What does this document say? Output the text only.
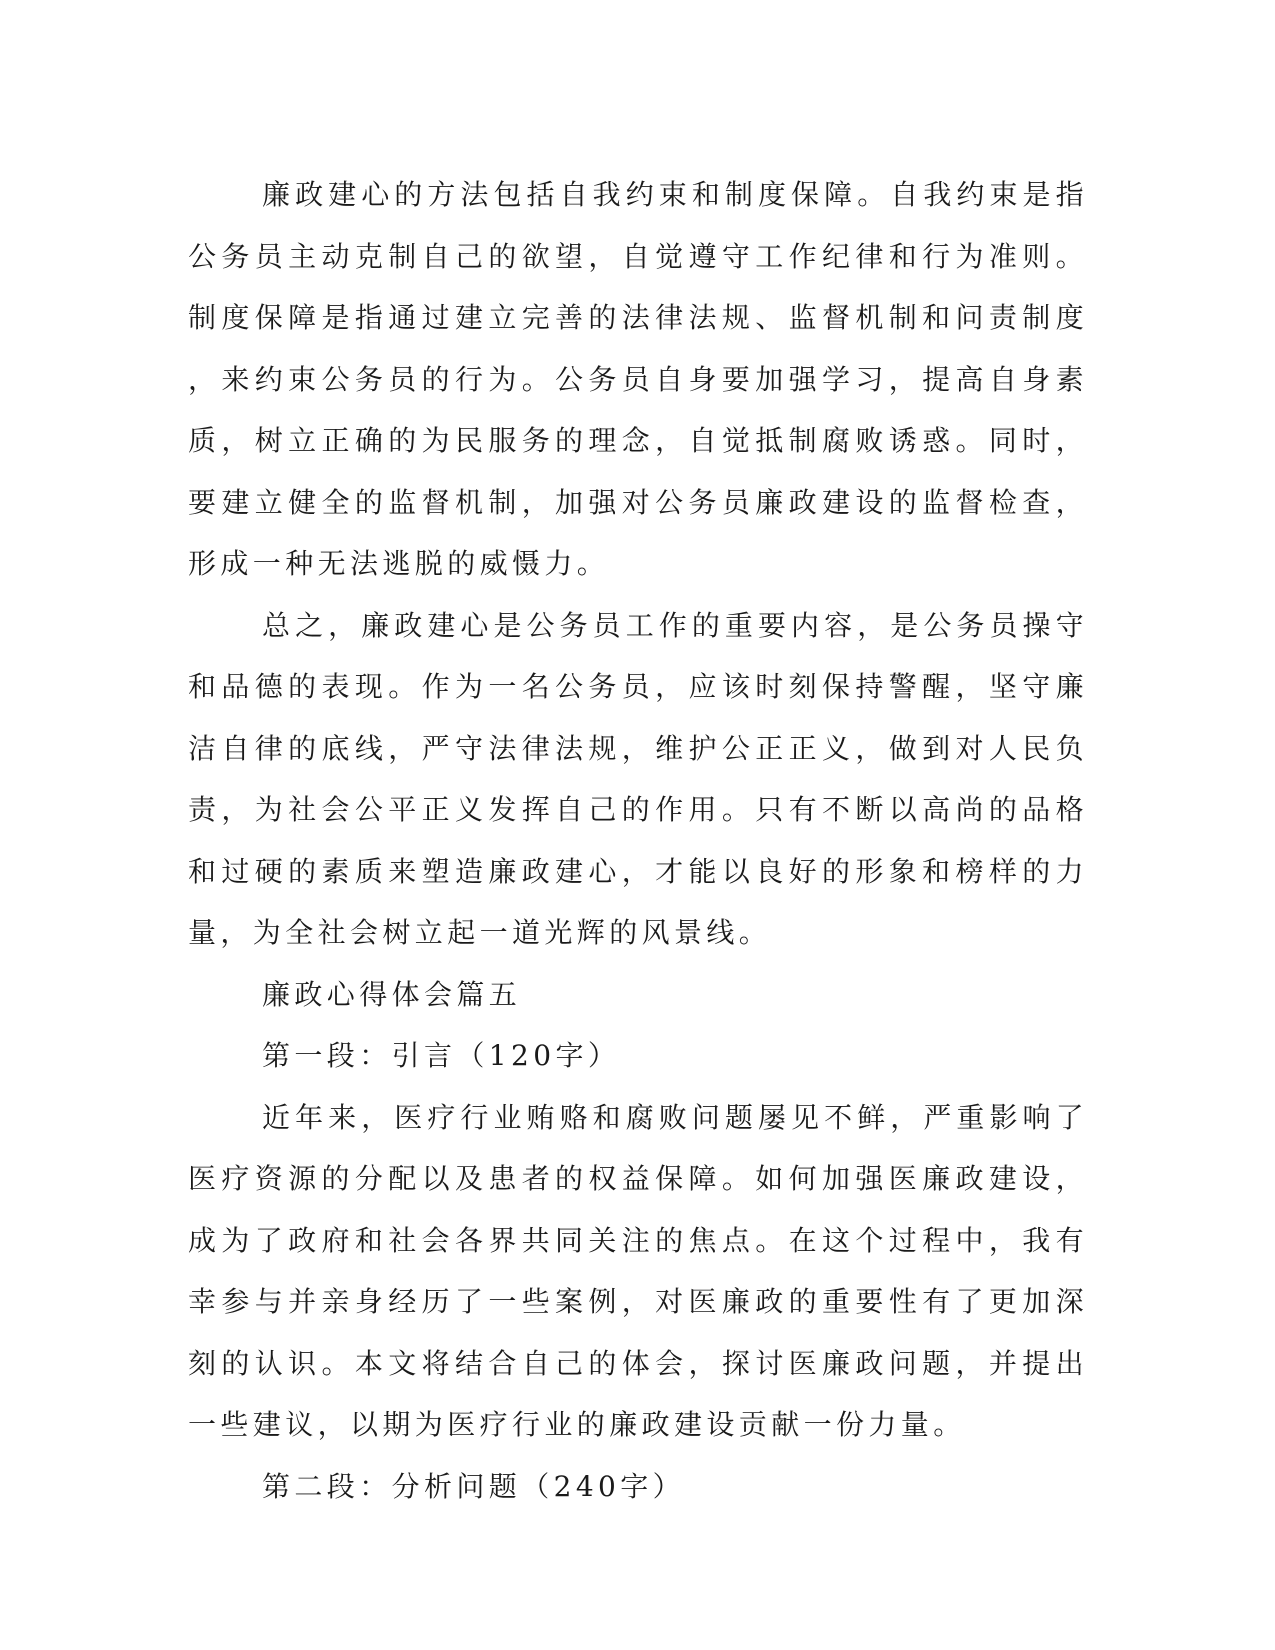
廉政建心的方法包括自我约束和制度保障。自我约束是指公务员主动克制自己的欲望，自觉遵守工作纪律和行为准则。制度保障是指通过建立完善的法律法规、监督机制和问责制度，来约束公务员的行为。公务员自身要加强学习，提高自身素质，树立正确的为民服务的理念，自觉抵制腐败诱惑。同时，要建立健全的监督机制，加强对公务员廉政建设的监督检查，形成一种无法逃脱的威慑力。

总之，廉政建心是公务员工作的重要内容，是公务员操守和品德的表现。作为一名公务员，应该时刻保持警醒，坚守廉洁自律的底线，严守法律法规，维护公正正义，做到对人民负责，为社会公平正义发挥自己的作用。只有不断以高尚的品格和过硬的素质来塑造廉政建心，才能以良好的形象和榜样的力量，为全社会树立起一道光辉的风景线。

廉政心得体会篇五

第一段：引言（120字）

近年来，医疗行业贿赂和腐败问题屡见不鲜，严重影响了医疗资源的分配以及患者的权益保障。如何加强医廉政建设，成为了政府和社会各界共同关注的焦点。在这个过程中，我有幸参与并亲身经历了一些案例，对医廉政的重要性有了更加深刻的认识。本文将结合自己的体会，探讨医廉政问题，并提出一些建议，以期为医疗行业的廉政建设贡献一份力量。

第二段：分析问题（240字）
